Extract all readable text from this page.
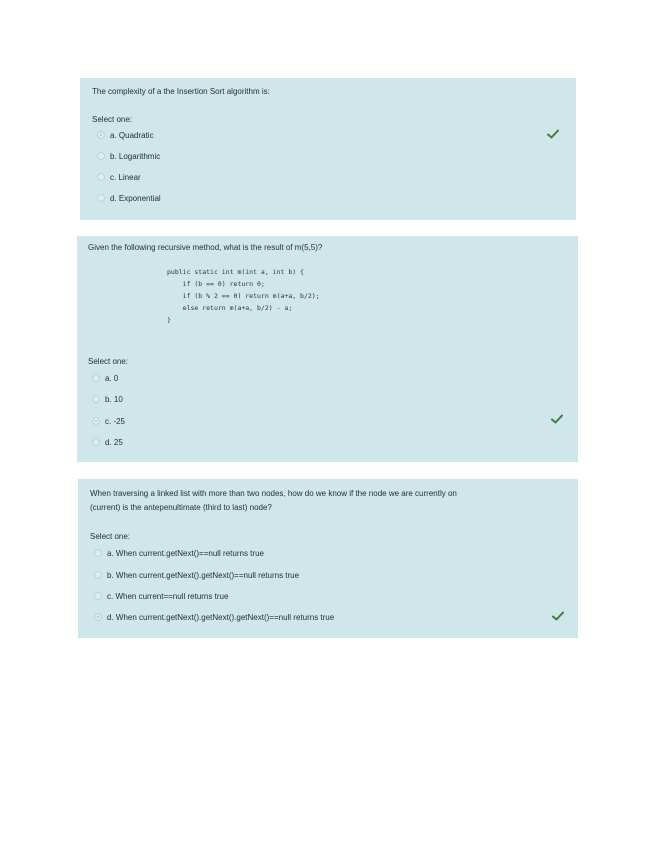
The complexity of a the Insertion Sort algorithm is:
Select one:
a. Quadratic
b. Logarithmic
c. Linear
d. Exponential
Given the following recursive method, what is the result of m(5,5)?
public static int m(int a, int b) {
if (b == 0) return 0;
if (b % 2 == 0) return m(a+a, b/2);
else return m(a+a, b/2) - a;
}
Select one:
a. 0
b. 10
c. -25
d. 25
When traversing a linked list with more than two nodes, how do we know if the node we are currently on
(current) is the antepenultimate (third to last) node?
Select one:
a. When current.getNext()==null returns true
b. When current.getNext().getNext()==null returns true
c. When current==null returns true
d. When current.getNext().getNext().getNext()==null returns true
